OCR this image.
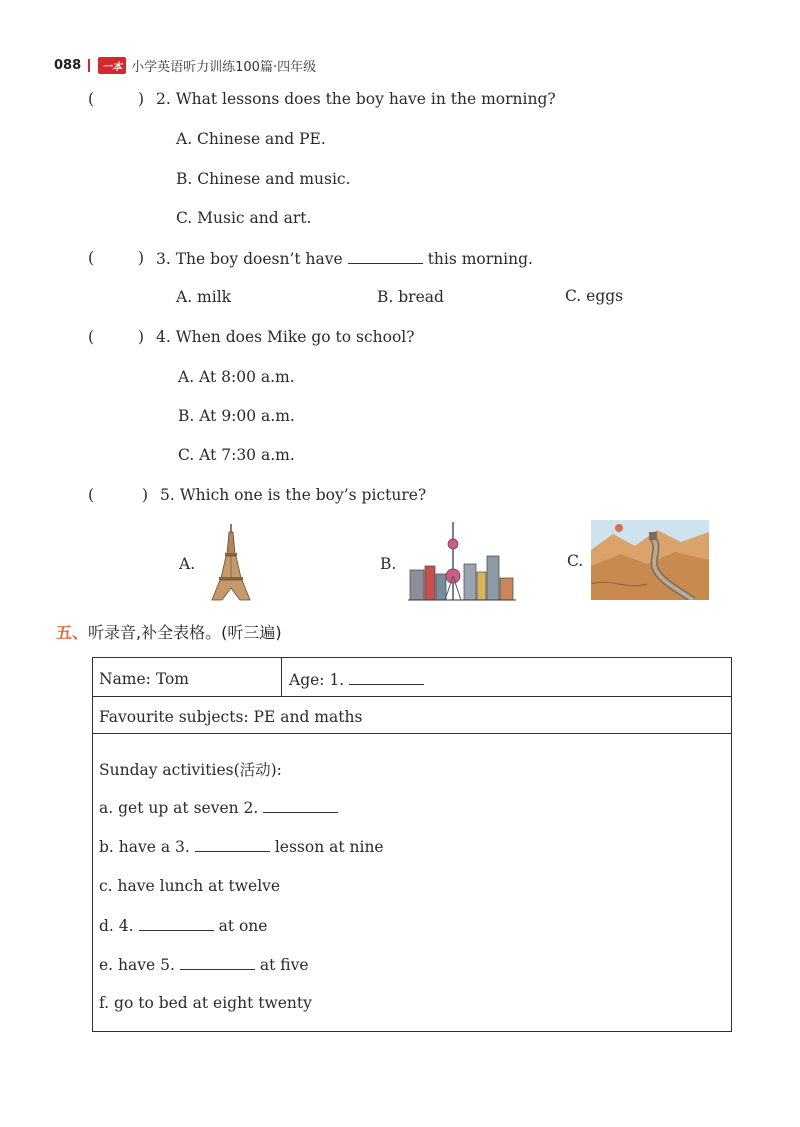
088	一本 小学英语听力训练100篇·四年级
(	) 2. What lessons does the boy have in the morning?
A. Chinese and PE.
B. Chinese and music.
C. Music and art.
(	) 3. The boy doesn’t have	this morning.
A. milk	B. bread	C. eggs
(	) 4. When does Mike go to school?
A. At 8:00 a.m.
B. At 9:00 a.m.
C. At 7:30 a.m.
(	) 5. Which one is the boy’s picture?
A.	B.	C.
五、听录音,补全表格。(听三遍)
Name: Tom	Age: 1.
Favourite subjects: PE and maths
Sunday activities(活动):
a. get up at seven 2.
b. have a 3.	lesson at nine
c. have lunch at twelve
d. 4.	at one
e. have 5.	at five
f. go to bed at eight twenty
